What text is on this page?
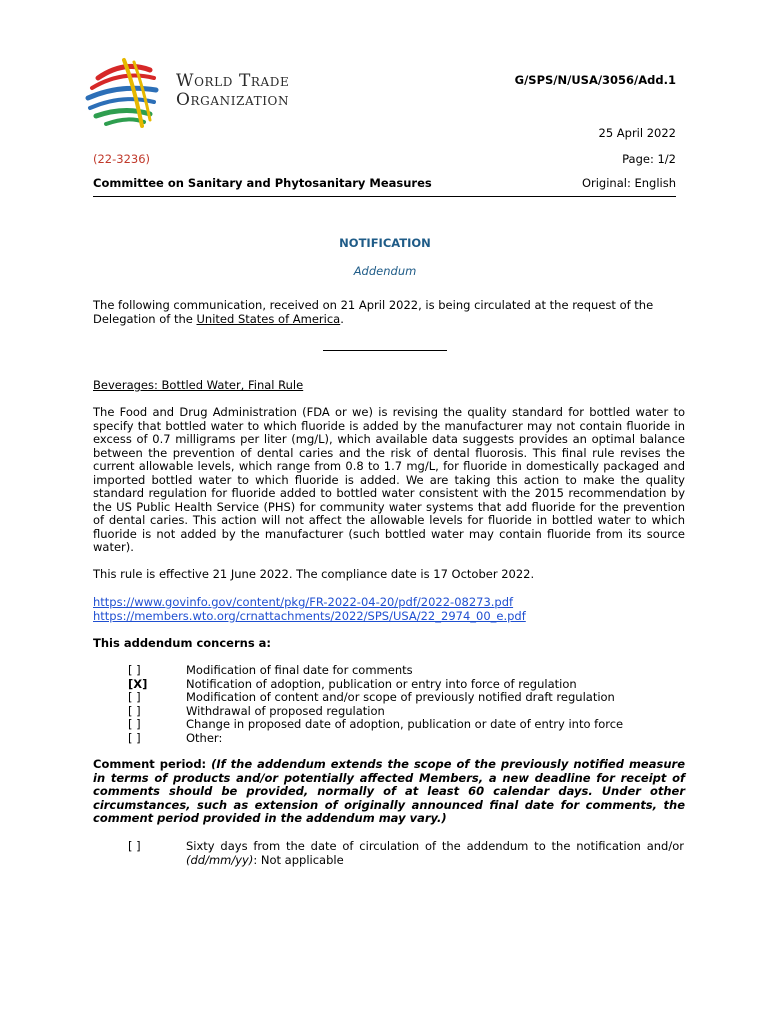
World Trade
Organization
G/SPS/N/USA/3056/Add.1
25 April 2022
(22-3236)	Page: 1/2
Committee on Sanitary and Phytosanitary Measures	Original: English
NOTIFICATION
Addendum
The following communication, received on 21 April 2022, is being circulated at the request of the
Delegation of the United States of America.
Beverages: Bottled Water, Final Rule
The Food and Drug Administration (FDA or we) is revising the quality standard for bottled water to specify that bottled water to which fluoride is added by the manufacturer may not contain fluoride in excess of 0.7 milligrams per liter (mg/L), which available data suggests provides an optimal balance between the prevention of dental caries and the risk of dental fluorosis. This final rule revises the current allowable levels, which range from 0.8 to 1.7 mg/L, for fluoride in domestically packaged and imported bottled water to which fluoride is added. We are taking this action to make the quality standard regulation for fluoride added to bottled water consistent with the 2015 recommendation by the US Public Health Service (PHS) for community water systems that add fluoride for the prevention of dental caries. This action will not affect the allowable levels for fluoride in bottled water to which fluoride is not added by the manufacturer (such bottled water may contain fluoride from its source water).
This rule is effective 21 June 2022. The compliance date is 17 October 2022.
https://www.govinfo.gov/content/pkg/FR-2022-04-20/pdf/2022-08273.pdf
https://members.wto.org/crnattachments/2022/SPS/USA/22_2974_00_e.pdf
This addendum concerns a:
[ ]	Modification of final date for comments
[X]	Notification of adoption, publication or entry into force of regulation
[ ]	Modification of content and/or scope of previously notified draft regulation
[ ]	Withdrawal of proposed regulation
[ ]	Change in proposed date of adoption, publication or date of entry into force
[ ]	Other:
Comment period: (If the addendum extends the scope of the previously notified measure in terms of products and/or potentially affected Members, a new deadline for receipt of comments should be provided, normally of at least 60 calendar days. Under other circumstances, such as extension of originally announced final date for comments, the comment period provided in the addendum may vary.)
[ ]	Sixty days from the date of circulation of the addendum to the notification and/or (dd/mm/yy): Not applicable
